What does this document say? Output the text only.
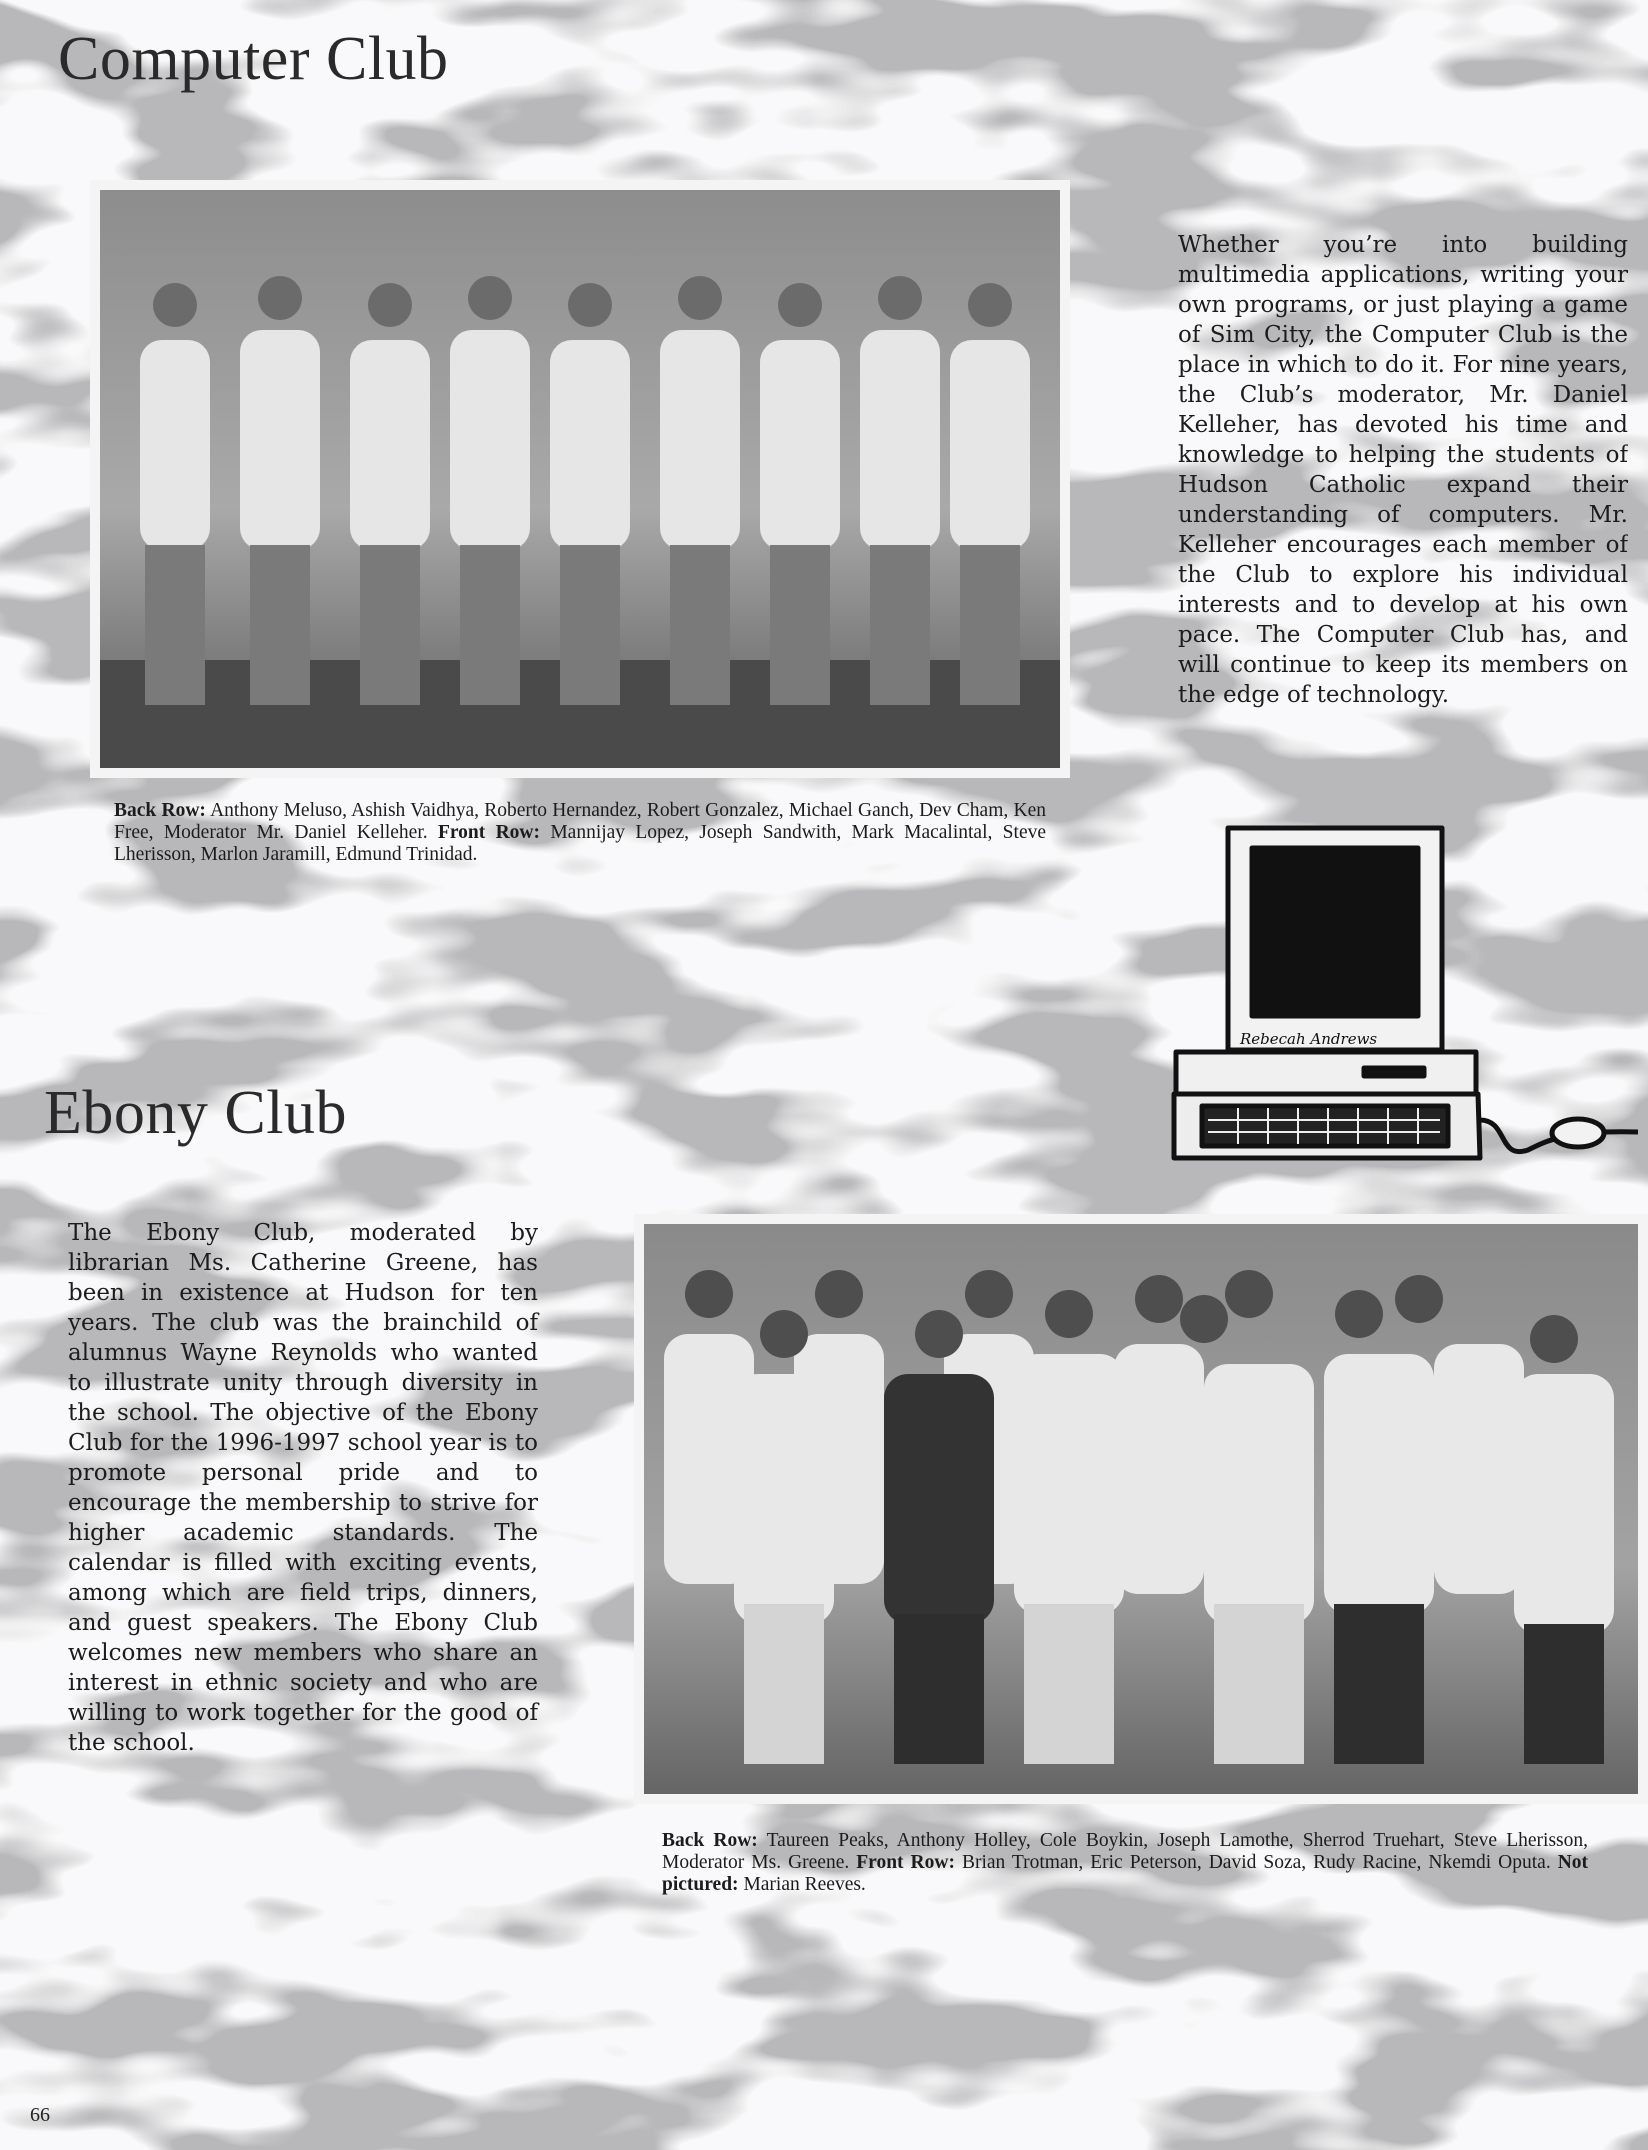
Computer Club

Whether you’re into building multimedia applications, writing your own programs, or just playing a game of Sim City, the Computer Club is the place in which to do it. For nine years, the Club’s moderator, Mr. Daniel Kelleher, has devoted his time and knowledge to helping the students of Hudson Catholic expand their understanding of computers. Mr. Kelleher encourages each member of the Club to explore his individual interests and to develop at his own pace. The Computer Club has, and will continue to keep its members on the edge of technology.

Back Row: Anthony Meluso, Ashish Vaidhya, Roberto Hernandez, Robert Gonzalez, Michael Ganch, Dev Cham, Ken Free, Moderator Mr. Daniel Kelleher. Front Row: Mannijay Lopez, Joseph Sandwith, Mark Macalintal, Steve Lherisson, Marlon Jaramill, Edmund Trinidad.

Rebecah Andrews
Ebony Club

The Ebony Club, moderated by librarian Ms. Catherine Greene, has been in existence at Hudson for ten years. The club was the brainchild of alumnus Wayne Reynolds who wanted to illustrate unity through diversity in the school. The objective of the Ebony Club for the 1996-1997 school year is to promote personal pride and to encourage the membership to strive for higher academic standards. The calendar is filled with exciting events, among which are field trips, dinners, and guest speakers. The Ebony Club welcomes new members who share an interest in ethnic society and who are willing to work together for the good of the school.

Back Row: Taureen Peaks, Anthony Holley, Cole Boykin, Joseph Lamothe, Sherrod Truehart, Steve Lherisson, Moderator Ms. Greene. Front Row: Brian Trotman, Eric Peterson, David Soza, Rudy Racine, Nkemdi Oputa. Not pictured: Marian Reeves.

66
